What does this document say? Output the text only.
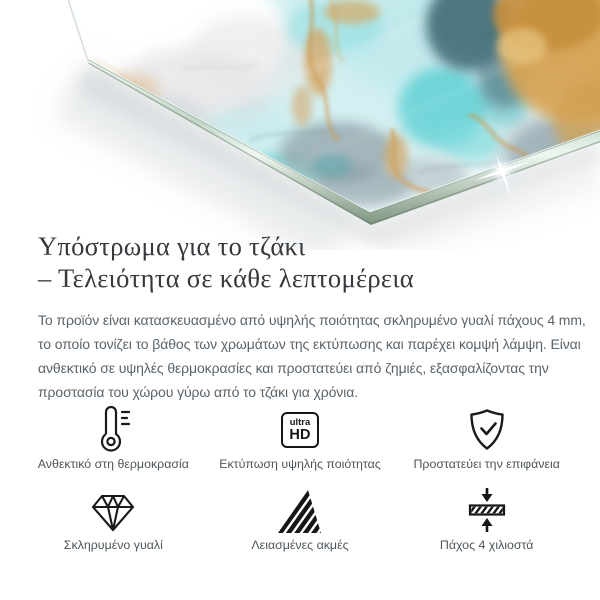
Υπόστρωμα για το τζάκι
– Τελειότητα σε κάθε λεπτομέρεια

Το προϊόν είναι κατασκευασμένο από υψηλής ποιότητας σκληρυμένο γυαλί πάχους 4 mm,
το οποίο τονίζει το βάθος των χρωμάτων της εκτύπωσης και παρέχει κομψή λάμψη. Είναι
ανθεκτικό σε υψηλές θερμοκρασίες και προστατεύει από ζημιές, εξασφαλίζοντας την
προστασία του χώρου γύρω από το τζάκι για χρόνια.

Ανθεκτικό στη θερμοκρασία
ultra
HD
Εκτύπωση υψηλής ποιότητας	Προστατεύει την επιφάνεια
Σκληρυμένο γυαλί	Λειασμένες ακμές	Πάχος 4 χιλιοστά
